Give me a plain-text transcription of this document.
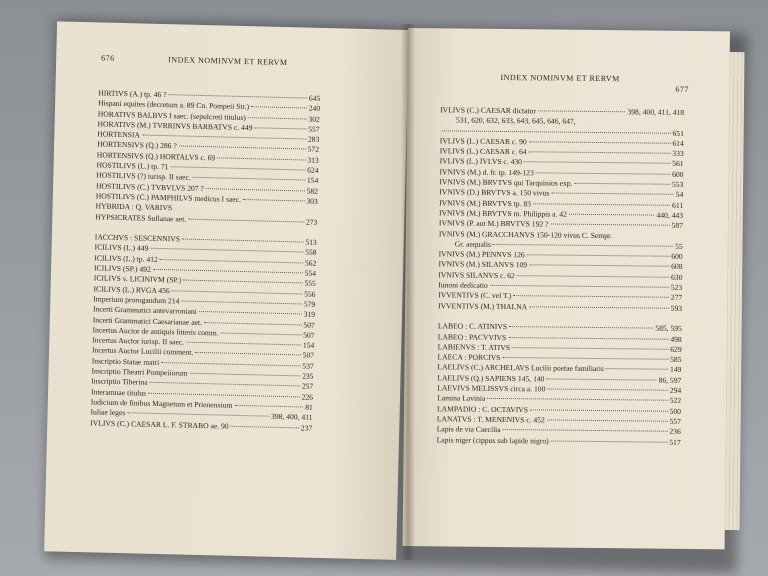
676	INDEX NOMINVM ET RERVM
HIRTIVS (A.) tp. 46 ?	645
Hispani equites (decretum a. 89 Cn. Pompeii Str.)	240
HORATIVS BALBVS I saec. (sepulcreti titulus)	302
HORATIVS (M.) TVRRINVS BARBATVS c. 449	557
HORTENSIA	283
HORTENSIVS (Q.) 286 ?	572
HORTENSIVS (Q.) HORTALVS c. 69	313
HOSTILIVS (L.) tp. 71	624
HOSTILIVS (?) iurisp. II saec.	154
HOSTILIVS (C.) TVBVLVS 207 ?	582
HOSTILIVS (C.) PAMPHILVS medicus I saec.	303
HYBRIDA : Q. VARIVS
HYPSICRATES Sullanae aet.	273
IACCHVS : SESCENNIVS	513
ICILIVS (L.) 449	558
ICILIVS (L.) tp. 412	562
ICILIVS (SP.) 492	554
ICILIVS v. LICINIVM (SP.)	555
ICILIVS (L.) RVGA 456	556
Imperium prorogandum 214	579
Incerti Grammatici antevarroniani	319
Incerti Grammatici Caesarianae aet.	507
Incertus Auctor de antiquis litteris comm.	507
Incertus Auctor iurisp. II saec.	154
Incertus Auctor Lucilii comment.	507
Inscriptio Statae matri	537
Inscriptio Theatri Pompeiiorum	235
Inscriptio Tiberina	257
Interamnae titulus	226
Iudicium de finibus Magnetum et Prienensium	81
Iuliae leges	398, 400, 411
IVLIVS (C.) CAESAR L. F. STRABO ae. 90	237
INDEX NOMINVM ET RERVM
677
IVLIVS (C.) CAESAR dictator	398, 400, 411, 418
531, 620, 632, 633, 643, 645, 646, 647,
651
IVLIVS (L.) CAESAR c. 90	614
IVLIVS (L.) CAESAR c. 64	333
IVLIVS (L.) IVLVS c. 430	561
IVNIVS (M.) d. fr. tp. 149-123	600
IVNIVS (M.) BRVTVS qui Tarquinios exp.	553
IVNIVS (D.) BRVTVS a. 150 vivus	54
IVNIVS (M.) BRVTVS tp. 83	611
IVNIVS (M.) BRVTVS m. Philippis a. 42	440, 443
IVNIVS (P. aut M.) BRVTVS 192 ?	587
IVNIVS (M.) GRACCHANVS 150-120 vivus C. Sempr.
Gr. aequalis	55
IVNIVS (M.) PENNVS 126	600
IVNIVS (M.) SILANVS 109	608
IVNIVS SILANVS c. 62	630
Iunoni dedicatio	523
IVVENTIVS (C. vel T.)	277
IVVENTIVS (M.) THALNA	593
LABEO : C. ATINIVS	585, 595
LABEO : PACVVIVS	498
LABIENVS : T. ATIVS	629
LAECA : PORCIVS	585
LAELIVS (C.) ARCHELAVS Lucilii poetae familiaris	149
LAELIVS (Q.) SAPIENS 145, 140	86, 597
LAEVIVS MELISSVS circa a. 100	294
Lamina Lavinia	522
LAMPADIO : C. OCTAVIVS	500
LANATVS : T. MENENIVS c. 452	557
Lapis de via Caecilia	236
Lapis niger (cippus sub lapide nigro)	517
